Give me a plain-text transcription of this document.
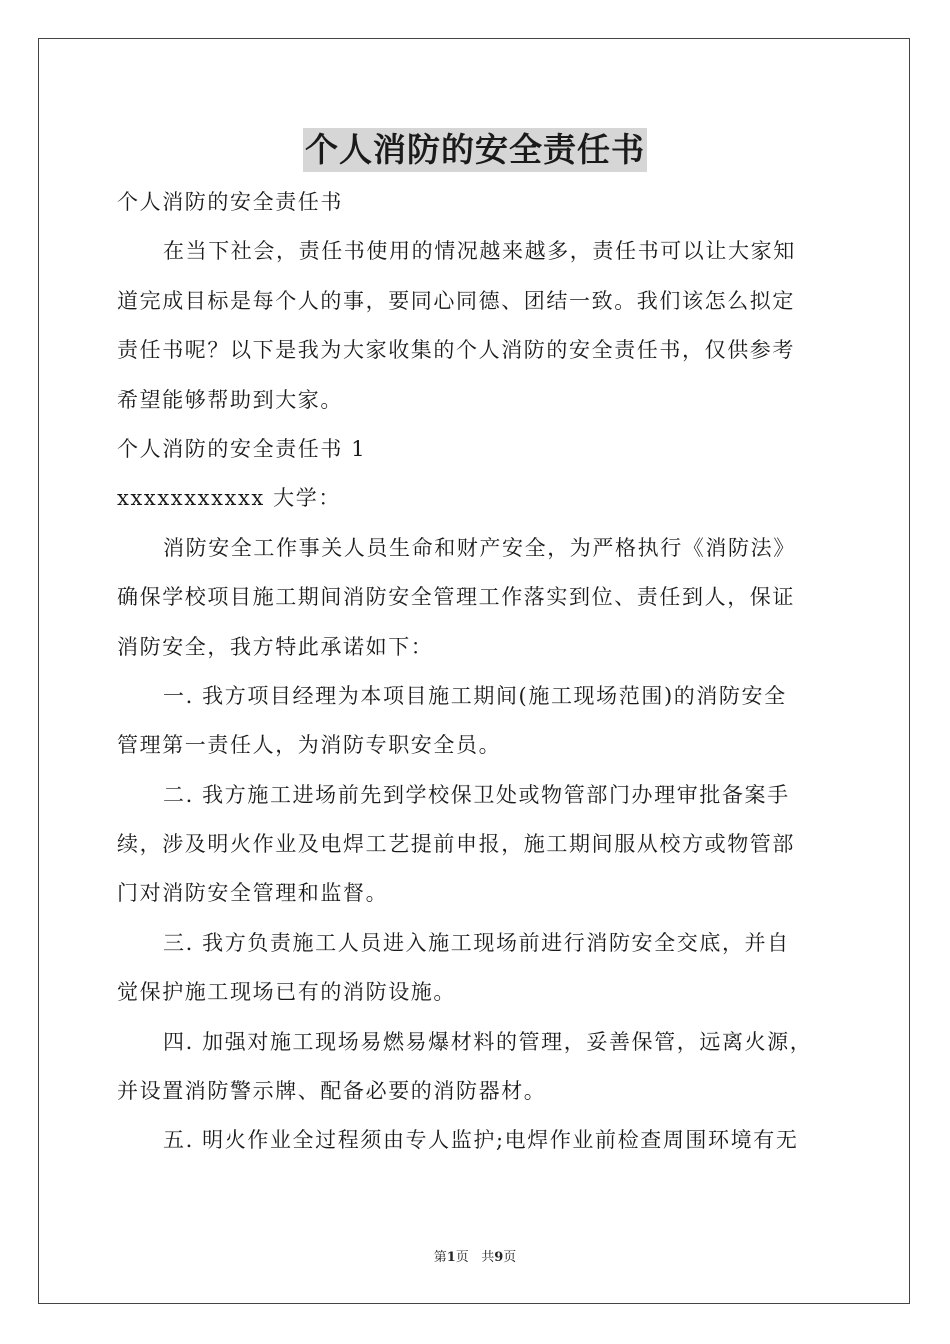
个人消防的安全责任书
个人消防的安全责任书
在当下社会，责任书使用的情况越来越多，责任书可以让大家知
道完成目标是每个人的事，要同心同德、团结一致。我们该怎么拟定
责任书呢？以下是我为大家收集的个人消防的安全责任书，仅供参考
希望能够帮助到大家。
个人消防的安全责任书 1
xxxxxxxxxxx 大学：
消防安全工作事关人员生命和财产安全，为严格执行《消防法》
确保学校项目施工期间消防安全管理工作落实到位、责任到人，保证
消防安全，我方特此承诺如下：
一. 我方项目经理为本项目施工期间(施工现场范围)的消防安全
管理第一责任人，为消防专职安全员。
二. 我方施工进场前先到学校保卫处或物管部门办理审批备案手
续，涉及明火作业及电焊工艺提前申报，施工期间服从校方或物管部
门对消防安全管理和监督。
三. 我方负责施工人员进入施工现场前进行消防安全交底，并自
觉保护施工现场已有的消防设施。
四. 加强对施工现场易燃易爆材料的管理，妥善保管，远离火源，
并设置消防警示牌、配备必要的消防器材。
五. 明火作业全过程须由专人监护;电焊作业前检查周围环境有无
第1页 共9页
